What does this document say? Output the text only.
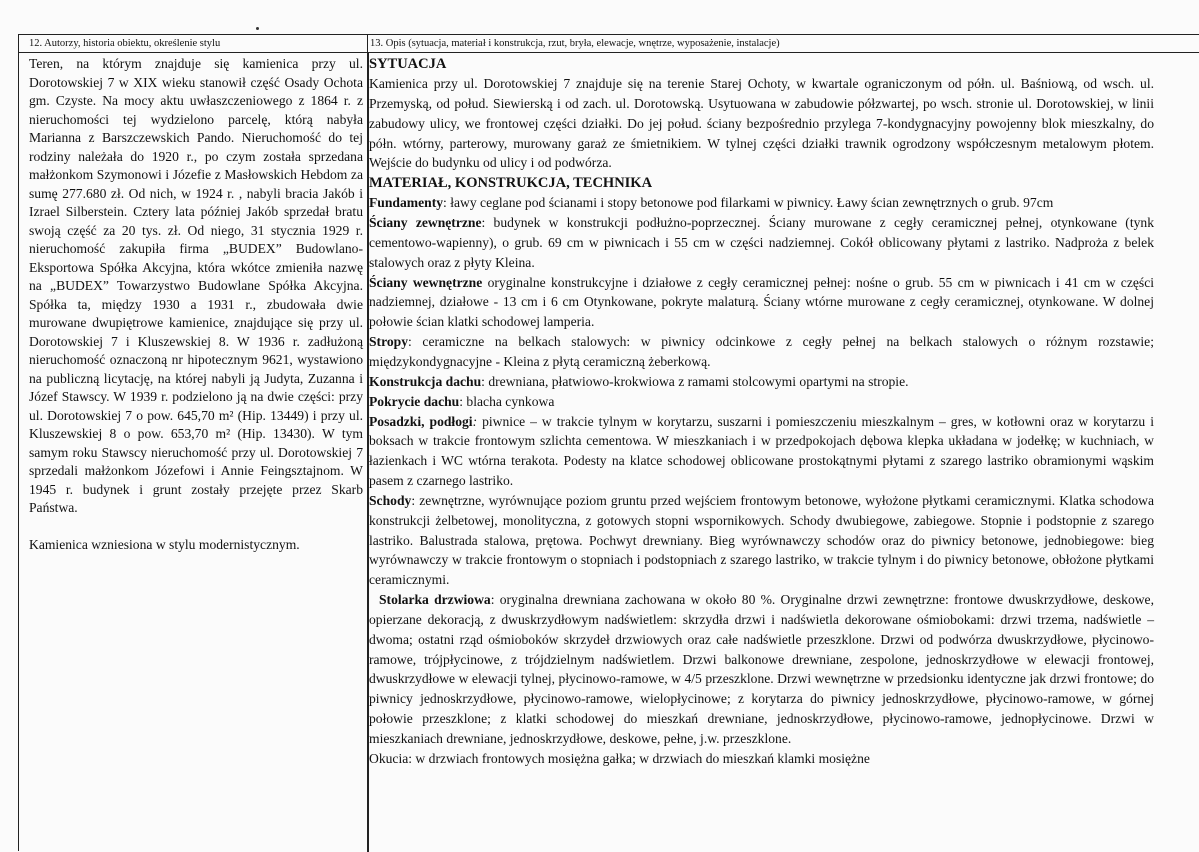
12. Autorzy, historia obiektu, określenie stylu	13. Opis (sytuacja, materiał i konstrukcja, rzut, bryła, elewacje, wnętrze, wyposażenie, instalacje)

Teren, na którym znajduje się kamienica przy ul. Dorotowskiej 7 w XIX wieku stanowił część Osady Ochota gm. Czyste. Na mocy aktu uwłaszczeniowego z 1864 r. z nieruchomości tej wydzielono parcelę, którą nabyła Marianna z Barszczewskich Pando. Nieruchomość do tej rodziny należała do 1920 r., po czym została sprzedana małżonkom Szymonowi i Józefie z Masłowskich Hebdom za sumę 277.680 zł. Od nich, w 1924 r. , nabyli bracia Jakób i Izrael Silberstein. Cztery lata później Jakób sprzedał bratu swoją część za 20 tys. zł. Od niego, 31 stycznia 1929 r. nieruchomość zakupiła firma „BUDEX” Budowlano-Eksportowa Spółka Akcyjna, która wkótce zmieniła nazwę na „BUDEX” Towarzystwo Budowlane Spółka Akcyjna. Spółka ta, między 1930 a 1931 r., zbudowała dwie murowane dwupiętrowe kamienice, znajdujące się przy ul. Dorotowskiej 7 i Kluszewskiej 8. W 1936 r. zadłużoną nieruchomość oznaczoną nr hipotecznym 9621, wystawiono na publiczną licytację, na której nabyli ją Judyta, Zuzanna i Józef Stawscy. W 1939 r. podzielono ją na dwie części: przy ul. Dorotowskiej 7 o pow. 645,70 m² (Hip. 13449) i przy ul. Kluszewskiej 8 o pow. 653,70 m² (Hip. 13430). W tym samym roku Stawscy nieruchomość przy ul. Dorotowskiej 7 sprzedali małżonkom Józefowi i Annie Feingsztajnom. W 1945 r. budynek i grunt zostały przejęte przez Skarb Państwa.

Kamienica wzniesiona w stylu modernistycznym.

SYTUACJA

Kamienica przy ul. Dorotowskiej 7 znajduje się na terenie Starej Ochoty, w kwartale ograniczonym od półn. ul. Baśniową, od wsch. ul. Przemyską, od połud. Siewierską i od zach. ul. Dorotowską. Usytuowana w zabudowie półzwartej, po wsch. stronie ul. Dorotowskiej, w linii zabudowy ulicy, we frontowej części działki. Do jej połud. ściany bezpośrednio przylega 7-kondygnacyjny powojenny blok mieszkalny, do półn. wtórny, parterowy, murowany garaż ze śmietnikiem. W tylnej części działki trawnik ogrodzony współczesnym metalowym płotem. Wejście do budynku od ulicy i od podwórza.

MATERIAŁ, KONSTRUKCJA, TECHNIKA

Fundamenty: ławy ceglane pod ścianami i stopy betonowe pod filarkami w piwnicy. Ławy ścian zewnętrznych o grub. 97cm

Ściany zewnętrzne: budynek w konstrukcji podłużno-poprzecznej. Ściany murowane z cegły ceramicznej pełnej, otynkowane (tynk cementowo-wapienny), o grub. 69 cm w piwnicach i 55 cm w części nadziemnej. Cokół oblicowany płytami z lastriko. Nadproża z belek stalowych oraz z płyty Kleina.

Ściany wewnętrzne oryginalne konstrukcyjne i działowe z cegły ceramicznej pełnej: nośne o grub. 55 cm w piwnicach i 41 cm w części nadziemnej, działowe - 13 cm i 6 cm Otynkowane, pokryte malaturą. Ściany wtórne murowane z cegły ceramicznej, otynkowane. W dolnej połowie ścian klatki schodowej lamperia.

Stropy: ceramiczne na belkach stalowych: w piwnicy odcinkowe z cegły pełnej na belkach stalowych o różnym rozstawie; międzykondygnacyjne - Kleina z płytą ceramiczną żeberkową.

Konstrukcja dachu: drewniana, płatwiowo-krokwiowa z ramami stolcowymi opartymi na stropie.

Pokrycie dachu: blacha cynkowa

Posadzki, podłogi: piwnice – w trakcie tylnym w korytarzu, suszarni i pomieszczeniu mieszkalnym – gres, w kotłowni oraz w korytarzu i boksach w trakcie frontowym szlichta cementowa. W mieszkaniach i w przedpokojach dębowa klepka układana w jodełkę; w kuchniach, w łazienkach i WC wtórna terakota. Podesty na klatce schodowej oblicowane prostokątnymi płytami z szarego lastriko obramionymi wąskim pasem z czarnego lastriko.

Schody: zewnętrzne, wyrównujące poziom gruntu przed wejściem frontowym betonowe, wyłożone płytkami ceramicznymi. Klatka schodowa konstrukcji żelbetowej, monolityczna, z gotowych stopni wspornikowych. Schody dwubiegowe, zabiegowe. Stopnie i podstopnie z szarego lastriko. Balustrada stalowa, prętowa. Pochwyt drewniany. Bieg wyrównawczy schodów oraz do piwnicy betonowe, jednobiegowe: bieg wyrównawczy w trakcie frontowym o stopniach i podstopniach z szarego lastriko, w trakcie tylnym i do piwnicy betonowe, obłożone płytkami ceramicznymi.

Stolarka drzwiowa: oryginalna drewniana zachowana w około 80 %. Oryginalne drzwi zewnętrzne: frontowe dwuskrzydłowe, deskowe, opierzane dekoracją, z dwuskrzydłowym nadświetlem: skrzydła drzwi i nadświetla dekorowane ośmiobokami: drzwi trzema, nadświetle – dwoma; ostatni rząd ośmioboków skrzydeł drzwiowych oraz całe nadświetle przeszklone. Drzwi od podwórza dwuskrzydłowe, płycinowo-ramowe, trójpłycinowe, z trójdzielnym nadświetlem. Drzwi balkonowe drewniane, zespolone, jednoskrzydłowe w elewacji frontowej, dwuskrzydłowe w elewacji tylnej, płycinowo-ramowe, w 4/5 przeszklone. Drzwi wewnętrzne w przedsionku identyczne jak drzwi frontowe; do piwnicy jednoskrzydłowe, płycinowo-ramowe, wielopłycinowe; z korytarza do piwnicy jednoskrzydłowe, płycinowo-ramowe, w górnej połowie przeszklone; z klatki schodowej do mieszkań drewniane, jednoskrzydłowe, płycinowo-ramowe, jednopłycinowe. Drzwi w mieszkaniach drewniane, jednoskrzydłowe, deskowe, pełne, j.w. przeszklone.

Okucia: w drzwiach frontowych mosiężna gałka; w drzwiach do mieszkań klamki mosiężne
